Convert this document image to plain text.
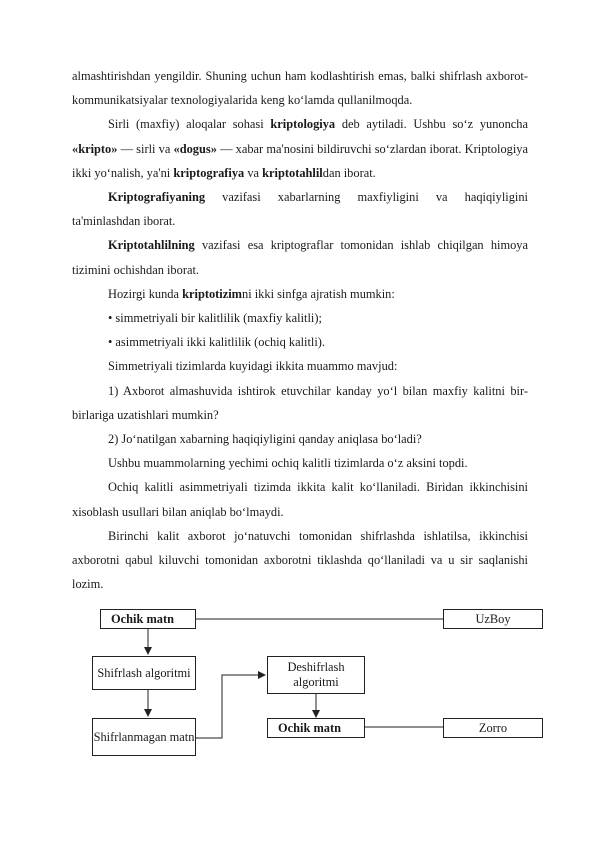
almashtirishdan yengildir. Shuning uchun ham kodlashtirish emas, balki shifrlash axborot-kommunikatsiyalar texnologiyalarida keng ko‘lamda qullanilmoqda.

Sirli (maxfiy) aloqalar sohasi kriptologiya deb aytiladi. Ushbu so‘z yunoncha «kripto» — sirli va «dogus» — xabar ma'nosini bildiruvchi so‘zlardan iborat. Kriptologiya ikki yo‘nalish, ya'ni kriptografiya va kriptotahlildan iborat.

Kriptografiyaning vazifasi xabarlarning maxfiyligini va haqiqiyligini ta'minlashdan iborat.

Kriptotahlilning vazifasi esa kriptograflar tomonidan ishlab chiqilgan himoya tizimini ochishdan iborat.

Hozirgi kunda kriptotizimni ikki sinfga ajratish mumkin:

• simmetriyali bir kalitlilik (maxfiy kalitli);

• asimmetriyali ikki kalitlilik (ochiq kalitli).

Simmetriyali tizimlarda kuyidagi ikkita muammo mavjud:

1) Axborot almashuvida ishtirok etuvchilar kanday yo‘l bilan maxfiy kalitni bir-birlariga uzatishlari mumkin?

2) Jo‘natilgan xabarning haqiqiyligini qanday aniqlasa bo‘ladi?

Ushbu muammolarning yechimi ochiq kalitli tizimlarda o‘z aksini topdi.

Ochiq kalitli asimmetriyali tizimda ikkita kalit ko‘llaniladi. Biridan ikkinchisini xisoblash usullari bilan aniqlab bo‘lmaydi.

Birinchi kalit axborot jo‘natuvchi tomonidan shifrlashda ishlatilsa, ikkinchisi axborotni qabul kiluvchi tomonidan axborotni tiklashda qo‘llaniladi va u sir saqlanishi lozim.

Ochik matn	UzBoy
Shifrlash algoritmi	Deshifrlash algoritmi
Shifrlanmagan matn
Ochik matn	Zorro
